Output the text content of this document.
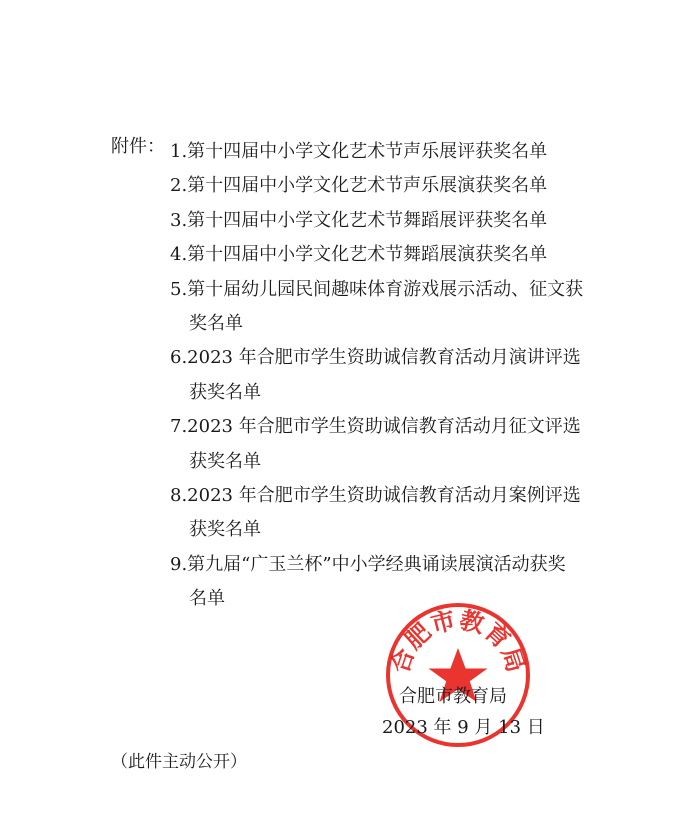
附件： 1.第十四届中小学文化艺术节声乐展评获奖名单
2.第十四届中小学文化艺术节声乐展演获奖名单
3.第十四届中小学文化艺术节舞蹈展评获奖名单
4.第十四届中小学文化艺术节舞蹈展演获奖名单
5.第十届幼儿园民间趣味体育游戏展示活动、征文获
奖名单
6.2023 年合肥市学生资助诚信教育活动月演讲评选
获奖名单
7.2023 年合肥市学生资助诚信教育活动月征文评选
获奖名单
8.2023 年合肥市学生资助诚信教育活动月案例评选
获奖名单
9.第九届“广玉兰杯”中小学经典诵读展演活动获奖
名单
合肥市教育局
合肥市教育局
2023 年 9 月 13 日
（此件主动公开）
